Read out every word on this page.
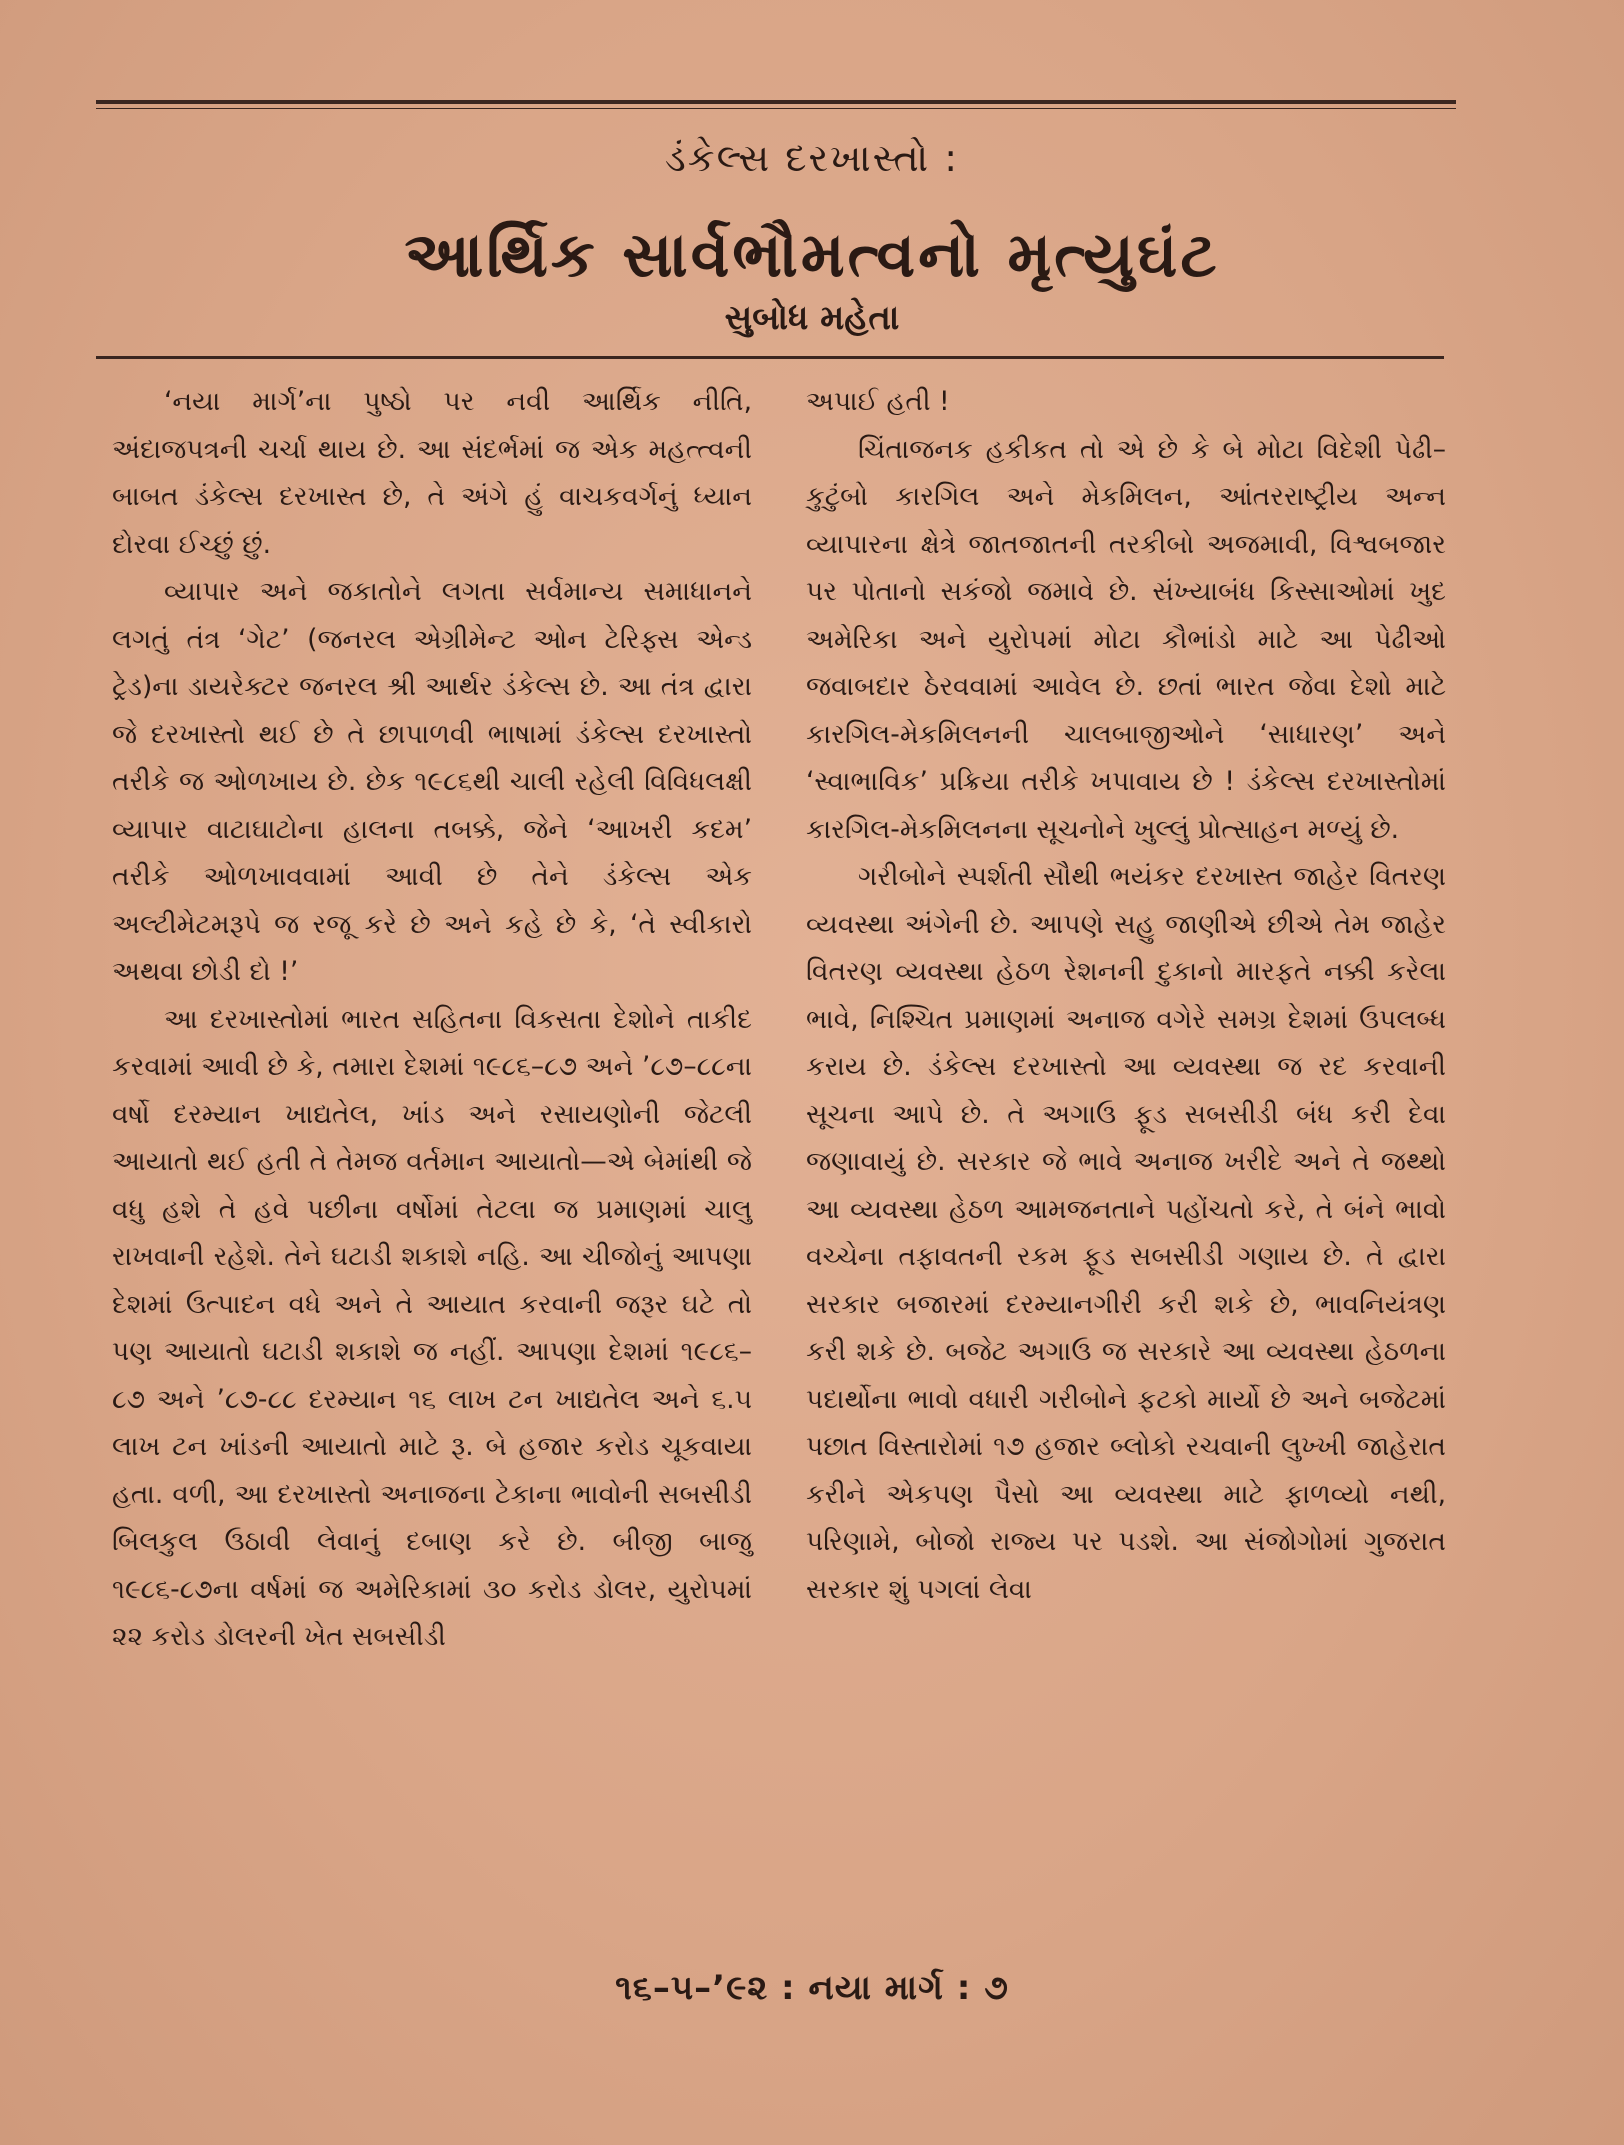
ડંકેલ્સ દરખાસ્તો :
આર્થિક સાર્વભૌમત્વનો મૃત્યુઘંટ
સુબોધ મહેતા

‘નયા માર્ગ’ના પુષ્ઠો પર નવી આર્થિક નીતિ, અંદાજપત્રની ચર્ચા થાય છે. આ સંદર્ભમાં જ એક મહત્ત્વની બાબત ડંકેલ્સ દરખાસ્ત છે, તે અંગે હું વાચકવર્ગનું ધ્યાન દોરવા ઈચ્છું છું.

વ્યાપાર અને જકાતોને લગતા સર્વમાન્ય સમાધાનને લગતું તંત્ર ‘ગેટ’ (જનરલ એગ્રીમેન્ટ ઓન ટેરિફ્સ એન્ડ ટ્રેડ)ના ડાયરેક્ટર જનરલ શ્રી આર્થર ડંકેલ્સ છે. આ તંત્ર દ્વારા જે દરખાસ્તો થઈ છે તે છાપાળવી ભાષામાં ડંકેલ્સ દરખાસ્તો તરીકે જ ઓળખાય છે. છેક ૧૯૮૬થી ચાલી રહેલી વિવિધલક્ષી વ્યાપાર વાટાઘાટોના હાલના તબક્કે, જેને ‘આખરી કદમ’ તરીકે ઓળખાવવામાં આવી છે તેને ડંકેલ્સ એક અલ્ટીમેટમરૂપે જ રજૂ કરે છે અને કહે છે કે, ‘તે સ્વીકારો અથવા છોડી દો !’

આ દરખાસ્તોમાં ભારત સહિતના વિકસતા દેશોને તાકીદ કરવામાં આવી છે કે, તમારા દેશમાં ૧૯૮૬–૮૭ અને ’૮૭–૮૮ના વર્ષો દરમ્યાન ખાદ્યતેલ, ખાંડ અને રસાયણોની જેટલી આયાતો થઈ હતી તે તેમજ વર્તમાન આયાતો—એ બેમાંથી જે વધુ હશે તે હવે પછીના વર્ષોમાં તેટલા જ પ્રમાણમાં ચાલુ રાખવાની રહેશે. તેને ઘટાડી શકાશે નહિ. આ ચીજોનું આપણા દેશમાં ઉત્પાદન વધે અને તે આયાત કરવાની જરૂર ઘટે તો પણ આયાતો ઘટાડી શકાશે જ નહીં. આપણા દેશમાં ૧૯૮૬–૮૭ અને ’૮૭-૮૮ દરમ્યાન ૧૬ લાખ ટન ખાદ્યતેલ અને ૬.૫ લાખ ટન ખાંડની આયાતો માટે રૂ. બે હજાર કરોડ ચૂકવાયા હતા. વળી, આ દરખાસ્તો અનાજના ટેકાના ભાવોની સબસીડી બિલકુલ ઉઠાવી લેવાનું દબાણ કરે છે. બીજી બાજુ ૧૯૮૬-૮૭ના વર્ષમાં જ અમેરિકામાં ૩૦ કરોડ ડોલર, યુરોપમાં ૨૨ કરોડ ડોલરની ખેત સબસીડી

અપાઈ હતી !

ચિંતાજનક હકીકત તો એ છે કે બે મોટા વિદેશી પેઢી–કુટુંબો કારગિલ અને મેકમિલન, આંતરરાષ્ટ્રીય અન્ન વ્યાપારના ક્ષેત્રે જાતજાતની તરકીબો અજમાવી, વિશ્વબજાર પર પોતાનો સકંજો જમાવે છે. સંખ્યાબંધ કિસ્સાઓમાં ખુદ અમેરિકા અને યુરોપમાં મોટા કૌભાંડો માટે આ પેઢીઓ જવાબદાર ઠેરવવામાં આવેલ છે. છતાં ભારત જેવા દેશો માટે કારગિલ-મેકમિલનની ચાલબાજીઓને ‘સાધારણ’ અને ‘સ્વાભાવિક’ પ્રક્રિયા તરીકે ખપાવાય છે ! ડંકેલ્સ દરખાસ્તોમાં કારગિલ-મેકમિલનના સૂચનોને ખુલ્લું પ્રોત્સાહન મળ્યું છે.

ગરીબોને સ્પર્શતી સૌથી ભયંકર દરખાસ્ત જાહેર વિતરણ વ્યવસ્થા અંગેની છે. આપણે સહુ જાણીએ છીએ તેમ જાહેર વિતરણ વ્યવસ્થા હેઠળ રેશનની દુકાનો મારફતે નક્કી કરેલા ભાવે, નિશ્ચિત પ્રમાણમાં અનાજ વગેરે સમગ્ર દેશમાં ઉપલબ્ધ કરાય છે. ડંકેલ્સ દરખાસ્તો આ વ્યવસ્થા જ રદ કરવાની સૂચના આપે છે. તે અગાઉ ફૂડ સબસીડી બંધ કરી દેવા જણાવાયું છે. સરકાર જે ભાવે અનાજ ખરીદે અને તે જથ્થો આ વ્યવસ્થા હેઠળ આમજનતાને પહોંચતો કરે, તે બંને ભાવો વચ્ચેના તફાવતની રકમ ફૂડ સબસીડી ગણાય છે. તે દ્વારા સરકાર બજારમાં દરમ્યાનગીરી કરી શકે છે, ભાવનિયંત્રણ કરી શકે છે. બજેટ અગાઉ જ સરકારે આ વ્યવસ્થા હેઠળના પદાર્થોના ભાવો વધારી ગરીબોને ફટકો માર્યો છે અને બજેટમાં પછાત વિસ્તારોમાં ૧૭ હજાર બ્લોકો રચવાની લુખ્ખી જાહેરાત કરીને એકપણ પૈસો આ વ્યવસ્થા માટે ફાળવ્યો નથી, પરિણામે, બોજો રાજ્ય પર પડશે. આ સંજોગોમાં ગુજરાત સરકાર શું પગલાં લેવા

૧૬–૫–’૯૨ : નયા માર્ગ : ૭
